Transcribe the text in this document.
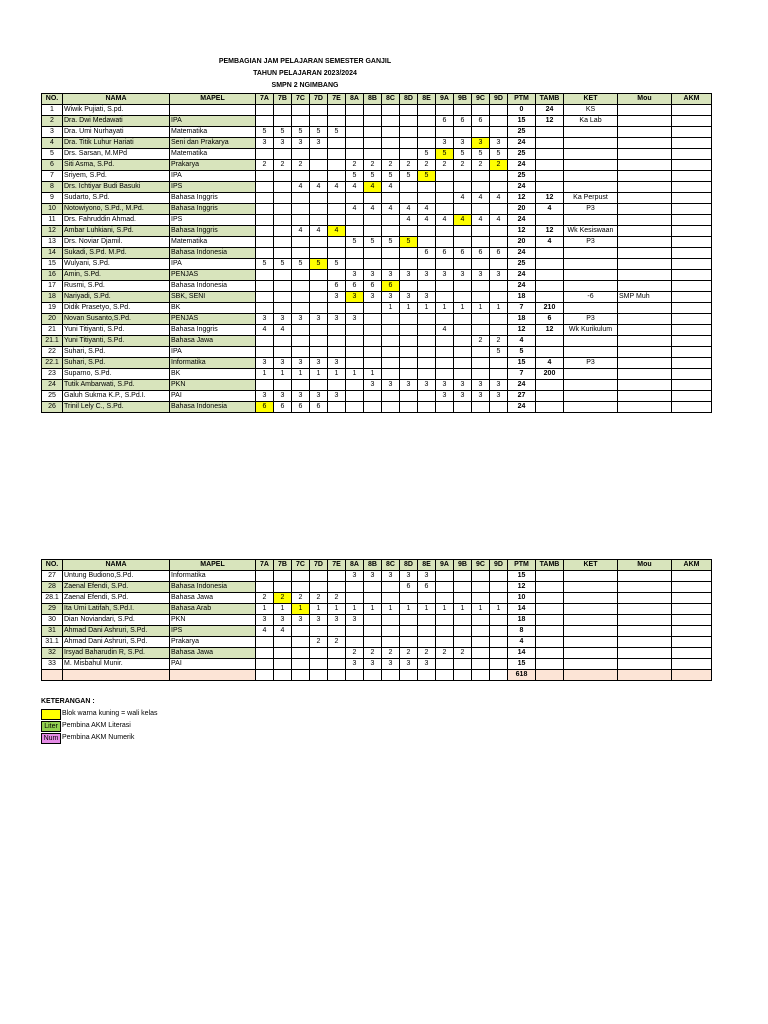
PEMBAGIAN JAM PELAJARAN SEMESTER GANJIL
TAHUN PELAJARAN 2023/2024
SMPN 2 NGIMBANG
NO.	NAMA	MAPEL	7A	7B	7C	7D	7E	8A	8B	8C	8D	8E	9A	9B	9C	9D	PTM	TAMB	KET	Mou	AKM
1	Wiwik Pujiati, S.pd.																0	24	KS		
2	Dra. Dwi Medawati	IPA											6	6	6		15	12	Ka Lab		
3	Dra. Umi Nurhayati	Matematika	5	5	5	5	5										25				
4	Dra. Titik Luhur Hariati	Seni dan Prakarya	3	3	3	3							3	3	3	3	24				
5	Drs. Sarsan, M.MPd	Matematika										5	5	5	5	5	25				
6	Siti Asma, S.Pd.	Prakarya	2	2	2			2	2	2	2	2	2	2	2	2	24				
7	Sriyem, S.Pd.	IPA						5	5	5	5	5					25				
8	Drs. Ichtiyar Budi Basuki	IPS			4	4	4	4	4	4							24				
9	Sudarto, S.Pd.	Bahasa Inggris												4	4	4	12	12	Ka Perpust		
10	Notowiyono, S.Pd., M.Pd.	Bahasa Inggris						4	4	4	4	4					20	4	P3		
11	Drs. Fahruddin Ahmad.	IPS									4	4	4	4	4	4	24				
12	Ambar Luhkiani, S.Pd.	Bahasa Inggris			4	4	4										12	12	Wk Kesiswaan		
13	Drs. Noviar Djamil.	Matematika						5	5	5	5						20	4	P3		
14	Sukadi, S.Pd. M.Pd.	Bahasa Indonesia										6	6	6	6	6	24				
15	Wulyani, S.Pd.	IPA	5	5	5	5	5										25				
16	Amin, S.Pd.	PENJAS						3	3	3	3	3	3	3	3	3	24				
17	Rusmi, S.Pd.	Bahasa Indonesia					6	6	6	6							24				
18	Nariyadi, S.Pd.	SBK, SENI					3	3	3	3	3	3					18		-6	SMP Muh	
19	Didik Prasetyo, S.Pd.	BK								1	1	1	1	1	1	1	7	210			
20	Novan Susanto,S.Pd.	PENJAS	3	3	3	3	3	3									18	6	P3		
21	Yuni Titiyanti, S.Pd.	Bahasa Inggris	4	4									4				12	12	Wk Kurikulum		
21.1	Yuni Titiyanti, S.Pd.	Bahasa Jawa													2	2	4				
22	Suhari, S.Pd.	IPA														5	5				
22.1	Suhari, S.Pd.	Informatika	3	3	3	3	3										15	4	P3		
23	Suparno, S.Pd.	BK	1	1	1	1	1	1	1								7	200			
24	Tutik Ambarwati, S.Pd.	PKN							3	3	3	3	3	3	3	3	24				
25	Galuh Sukma K.P., S.Pd.I.	PAI	3	3	3	3	3						3	3	3	3	27				
26	Trinil Lely C., S.Pd.	Bahasa Indonesia	6	6	6	6											24				
NO.	NAMA	MAPEL	7A	7B	7C	7D	7E	8A	8B	8C	8D	8E	9A	9B	9C	9D	PTM	TAMB	KET	Mou	AKM
27	Untung Budiono,S.Pd.	Informatika						3	3	3	3	3					15				
28	Zaenal Efendi, S.Pd.	Bahasa Indonesia									6	6					12				
28.1	Zaenal Efendi, S.Pd.	Bahasa Jawa	2	2	2	2	2										10				
29	Ita Umi Latifah, S.Pd.I.	Bahasa Arab	1	1	1	1	1	1	1	1	1	1	1	1	1	1	14				
30	Dian Noviandari, S.Pd.	PKN	3	3	3	3	3	3									18				
31	Ahmad Dani Ashruri, S.Pd.	IPS	4	4													8				
31.1	Ahmad Dani Ashruri, S.Pd.	Prakarya				2	2										4				
32	Irsyad Baharudin R, S.Pd.	Bahasa Jawa						2	2	2	2	2	2	2			14				
33	M. Misbahul Munir.	PAI						3	3	3	3	3					15				
																	618				
KETERANGAN :
Blok warna kuning = wali kelas
Liter Pembina AKM Literasi
Num Pembina AKM Numerik
